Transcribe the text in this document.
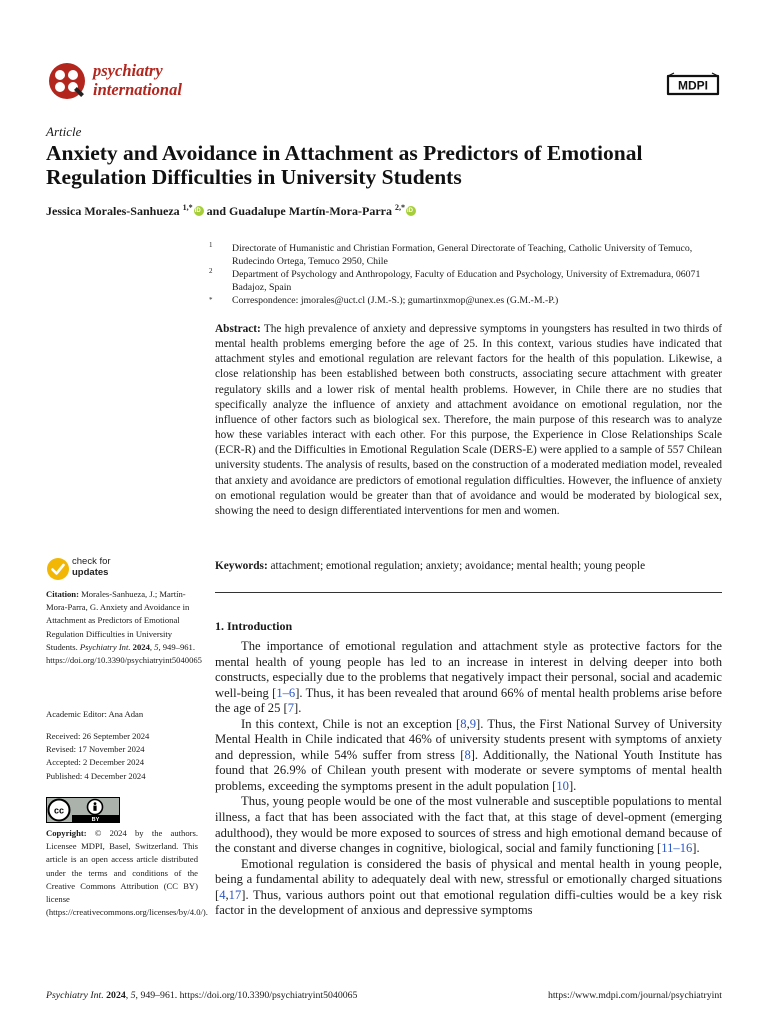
psychiatry
international	MDPI
Article
Anxiety and Avoidance in Attachment as Predictors of Emotional Regulation Difficulties in University Students
Jessica Morales-Sanhueza $^{1,*}$iD and Guadalupe Martín-Mora-Parra $^{2,*}$iD
1	Directorate of Humanistic and Christian Formation, General Directorate of Teaching, Catholic University of Temuco, Rudecindo Ortega, Temuco 2950, Chile
2	Department of Psychology and Anthropology, Faculty of Education and Psychology, University of Extremadura, 06071 Badajoz, Spain
*	Correspondence: jmorales@uct.cl (J.M.-S.); gumartinxmop@unex.es (G.M.-M.-P.)
Abstract: The high prevalence of anxiety and depressive symptoms in youngsters has resulted in two thirds of mental health problems emerging before the age of 25. In this context, various studies have indicated that attachment styles and emotional regulation are relevant factors for the health of this population. Likewise, a close relationship has been established between both constructs, associating secure attachment with greater regulatory skills and a lower risk of mental health problems. However, in Chile there are no studies that specifically analyze the influence of anxiety and attachment avoidance on emotional regulation, nor the influence of other factors such as biological sex. Therefore, the main purpose of this research was to analyze how these variables interact with each other. For this purpose, the Experience in Close Relationships Scale (ECR-R) and the Difficulties in Emotional Regulation Scale (DERS-E) were applied to a sample of 557 Chilean university students. The analysis of results, based on the construction of a moderated mediation model, revealed that anxiety and avoidance are predictors of emotional regulation difficulties. However, the influence of anxiety on emotional regulation would be greater than that of avoidance and would be moderated by biological sex, showing the need to design differentiated interventions for men and women.
Keywords: attachment; emotional regulation; anxiety; avoidance; mental health; young people
check for
updates
Citation: Morales-Sanhueza, J.; Martín-Mora-Parra, G. Anxiety and Avoidance in Attachment as Predictors of Emotional Regulation Difficulties in University Students. Psychiatry Int. 2024, 5, 949–961. https://doi.org/10.3390/psychiatryint5040065
Academic Editor: Ana Adan
Received: 26 September 2024
Revised: 17 November 2024
Accepted: 2 December 2024
Published: 4 December 2024
cc
BY
Copyright: © 2024 by the authors. Licensee MDPI, Basel, Switzerland. This article is an open access article distributed under the terms and conditions of the Creative Commons Attribution (CC BY) license (https://creativecommons.org/licenses/by/4.0/).
1. Introduction

The importance of emotional regulation and attachment style as protective factors for the mental health of young people has led to an increase in interest in delving deeper into both constructs, especially due to the problems that negatively impact their personal, social and academic well-being [1–6]. Thus, it has been revealed that around 66% of mental health problems arise before the age of 25 [7].

In this context, Chile is not an exception [8,9]. Thus, the First National Survey of University Mental Health in Chile indicated that 46% of university students present with symptoms of anxiety and depression, while 54% suffer from stress [8]. Additionally, the National Youth Institute has found that 26.9% of Chilean youth present with moderate or severe symptoms of mental health problems, exceeding the symptoms present in the adult population [10].

Thus, young people would be one of the most vulnerable and susceptible populations to mental illness, a fact that has been associated with the fact that, at this stage of devel-opment (emerging adulthood), they would be more exposed to sources of stress and high emotional demand because of the constant and diverse changes in cognitive, biological, social and family functioning [11–16].

Emotional regulation is considered the basis of physical and mental health in young people, being a fundamental ability to adequately deal with new, stressful or emotionally charged situations [4,17]. Thus, various authors point out that emotional regulation diffi-culties would be a key risk factor in the development of anxious and depressive symptoms

Psychiatry Int. 2024, 5, 949–961. https://doi.org/10.3390/psychiatryint5040065	https://www.mdpi.com/journal/psychiatryint
